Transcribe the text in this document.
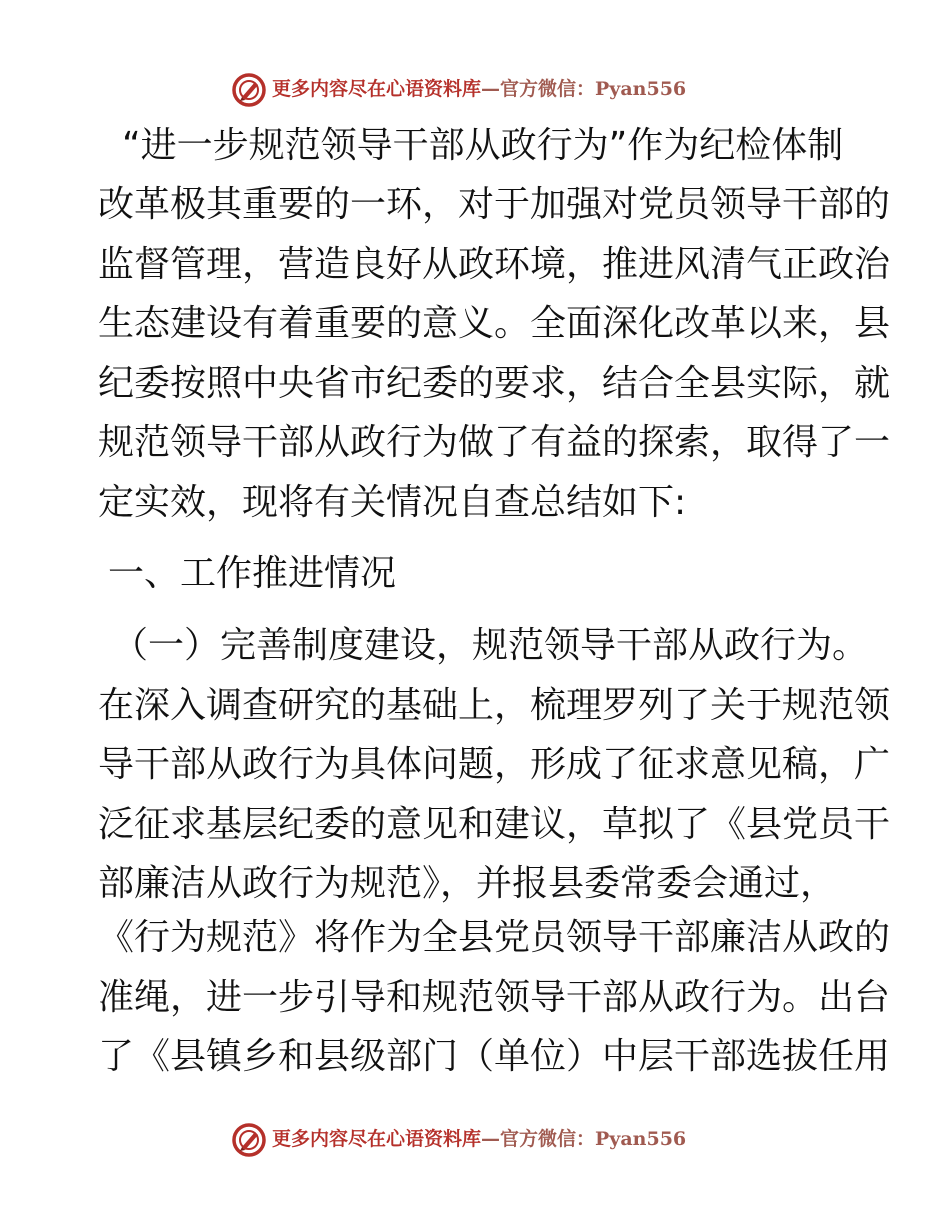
更多内容尽在心语资料库—官方微信：Pyan556
“进一步规范领导干部从政行为”作为纪检体制
改革极其重要的一环，对于加强对党员领导干部的
监督管理，营造良好从政环境，推进风清气正政治
生态建设有着重要的意义。全面深化改革以来，县
纪委按照中央省市纪委的要求，结合全县实际，就
规范领导干部从政行为做了有益的探索，取得了一
定实效，现将有关情况自查总结如下:
一、工作推进情况
（一）完善制度建设，规范领导干部从政行为。
在深入调查研究的基础上，梳理罗列了关于规范领
导干部从政行为具体问题，形成了征求意见稿，广
泛征求基层纪委的意见和建议，草拟了《县党员干
部廉洁从政行为规范》，并报县委常委会通过，
《行为规范》将作为全县党员领导干部廉洁从政的
准绳，进一步引导和规范领导干部从政行为。出台
了《县镇乡和县级部门（单位）中层干部选拔任用
更多内容尽在心语资料库—官方微信：Pyan556
